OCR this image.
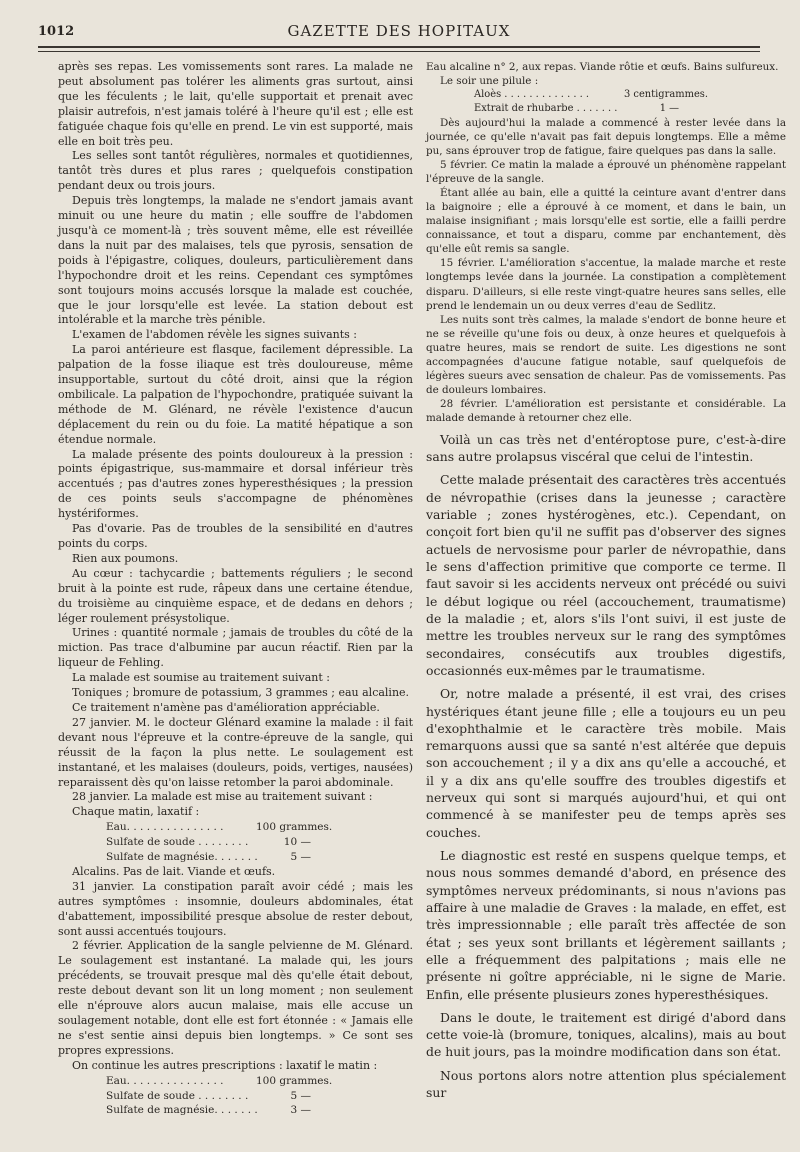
1012	GAZETTE DES HOPITAUX

après ses repas. Les vomissements sont rares. La malade ne peut absolument pas tolérer les aliments gras surtout, ainsi que les féculents ; le lait, qu'elle supportait et prenait avec plaisir autrefois, n'est jamais toléré à l'heure qu'il est ; elle est fatiguée chaque fois qu'elle en prend. Le vin est supporté, mais elle en boit très peu.

Les selles sont tantôt régulières, normales et quotidiennes, tantôt très dures et plus rares ; quelquefois constipation pendant deux ou trois jours.

Depuis très longtemps, la malade ne s'endort jamais avant minuit ou une heure du matin ; elle souffre de l'abdomen jusqu'à ce moment-là ; très souvent même, elle est réveillée dans la nuit par des malaises, tels que pyrosis, sensation de poids à l'épigastre, coliques, douleurs, particulièrement dans l'hypochondre droit et les reins. Cependant ces symptômes sont toujours moins accusés lorsque la malade est couchée, que le jour lorsqu'elle est levée. La station debout est intolérable et la marche très pénible.

L'examen de l'abdomen révèle les signes suivants :

La paroi antérieure est flasque, facilement dépressible. La palpation de la fosse iliaque est très douloureuse, même insupportable, surtout du côté droit, ainsi que la région ombilicale. La palpation de l'hypochondre, pratiquée suivant la méthode de M. Glénard, ne révèle l'existence d'aucun déplacement du rein ou du foie. La matité hépatique a son étendue normale.

La malade présente des points douloureux à la pression : points épigastrique, sus-mammaire et dorsal inférieur très accentués ; pas d'autres zones hyperesthésiques ; la pression de ces points seuls s'accompagne de phénomènes hystériformes.

Pas d'ovarie. Pas de troubles de la sensibilité en d'autres points du corps.

Rien aux poumons.

Au cœur : tachycardie ; battements réguliers ; le second bruit à la pointe est rude, râpeux dans une certaine étendue, du troisième au cinquième espace, et de dedans en dehors ; léger roulement présystolique.

Urines : quantité normale ; jamais de troubles du côté de la miction. Pas trace d'albumine par aucun réactif. Rien par la liqueur de Fehling.

La malade est soumise au traitement suivant :

Toniques ; bromure de potassium, 3 grammes ; eau alcaline.

Ce traitement n'amène pas d'amélioration appréciable.

27 janvier. M. le docteur Glénard examine la malade : il fait devant nous l'épreuve et la contre-épreuve de la sangle, qui réussit de la façon la plus nette. Le soulagement est instantané, et les malaises (douleurs, poids, vertiges, nausées) reparaissent dès qu'on laisse retomber la paroi abdominale.

28 janvier. La malade est mise au traitement suivant :

Chaque matin, laxatif :

Eau. . . . . . . . . . . . . . .	100 grammes.
Sulfate de soude . . . . . . . .	10 —
Sulfate de magnésie. . . . . . .	5 —

Alcalins. Pas de lait. Viande et œufs.

31 janvier. La constipation paraît avoir cédé ; mais les autres symptômes : insomnie, douleurs abdominales, état d'abattement, impossibilité presque absolue de rester debout, sont aussi accentués toujours.

2 février. Application de la sangle pelvienne de M. Glénard. Le soulagement est instantané. La malade qui, les jours précédents, se trouvait presque mal dès qu'elle était debout, reste debout devant son lit un long moment ; non seulement elle n'éprouve alors aucun malaise, mais elle accuse un soulagement notable, dont elle est fort étonnée : « Jamais elle ne s'est sentie ainsi depuis bien longtemps. » Ce sont ses propres expressions.

On continue les autres prescriptions : laxatif le matin :

Eau. . . . . . . . . . . . . . .	100 grammes.
Sulfate de soude . . . . . . . .	5 —
Sulfate de magnésie. . . . . . .	3 —

Eau alcaline n° 2, aux repas. Viande rôtie et œufs. Bains sulfureux.

Le soir une pilule :

Aloès . . . . . . . . . . . . . .	3 centigrammes.
Extrait de rhubarbe . . . . . . .	1 —

Dès aujourd'hui la malade a commencé à rester levée dans la journée, ce qu'elle n'avait pas fait depuis longtemps. Elle a même pu, sans éprouver trop de fatigue, faire quelques pas dans la salle.

5 février. Ce matin la malade a éprouvé un phénomène rappelant l'épreuve de la sangle.

Étant allée au bain, elle a quitté la ceinture avant d'entrer dans la baignoire ; elle a éprouvé à ce moment, et dans le bain, un malaise insignifiant ; mais lorsqu'elle est sortie, elle a failli perdre connaissance, et tout a disparu, comme par enchantement, dès qu'elle eût remis sa sangle.

15 février. L'amélioration s'accentue, la malade marche et reste longtemps levée dans la journée. La constipation a complètement disparu. D'ailleurs, si elle reste vingt-quatre heures sans selles, elle prend le lendemain un ou deux verres d'eau de Sedlitz.

Les nuits sont très calmes, la malade s'endort de bonne heure et ne se réveille qu'une fois ou deux, à onze heures et quelquefois à quatre heures, mais se rendort de suite. Les digestions ne sont accompagnées d'aucune fatigue notable, sauf quelquefois de légères sueurs avec sensation de chaleur. Pas de vomissements. Pas de douleurs lombaires.

28 février. L'amélioration est persistante et considérable. La malade demande à retourner chez elle.

Voilà un cas très net d'entéroptose pure, c'est-à-dire sans autre prolapsus viscéral que celui de l'intestin.

Cette malade présentait des caractères très accentués de névropathie (crises dans la jeunesse ; caractère variable ; zones hystérogènes, etc.). Cependant, on conçoit fort bien qu'il ne suffit pas d'observer des signes actuels de nervosisme pour parler de névropathie, dans le sens d'affection primitive que comporte ce terme. Il faut savoir si les accidents nerveux ont précédé ou suivi le début logique ou réel (accouchement, traumatisme) de la maladie ; et, alors s'ils l'ont suivi, il est juste de mettre les troubles nerveux sur le rang des symptômes secondaires, consécutifs aux troubles digestifs, occasionnés eux-mêmes par le traumatisme.

Or, notre malade a présenté, il est vrai, des crises hystériques étant jeune fille ; elle a toujours eu un peu d'exophthalmie et le caractère très mobile. Mais remarquons aussi que sa santé n'est altérée que depuis son accouchement ; il y a dix ans qu'elle a accouché, et il y a dix ans qu'elle souffre des troubles digestifs et nerveux qui sont si marqués aujourd'hui, et qui ont commencé à se manifester peu de temps après ses couches.

Le diagnostic est resté en suspens quelque temps, et nous nous sommes demandé d'abord, en présence des symptômes nerveux prédominants, si nous n'avions pas affaire à une maladie de Graves : la malade, en effet, est très impressionnable ; elle paraît très affectée de son état ; ses yeux sont brillants et légèrement saillants ; elle a fréquemment des palpitations ; mais elle ne présente ni goître appréciable, ni le signe de Marie. Enfin, elle présente plusieurs zones hyperesthésiques.

Dans le doute, le traitement est dirigé d'abord dans cette voie-là (bromure, toniques, alcalins), mais au bout de huit jours, pas la moindre modification dans son état.

Nous portons alors notre attention plus spécialement sur
